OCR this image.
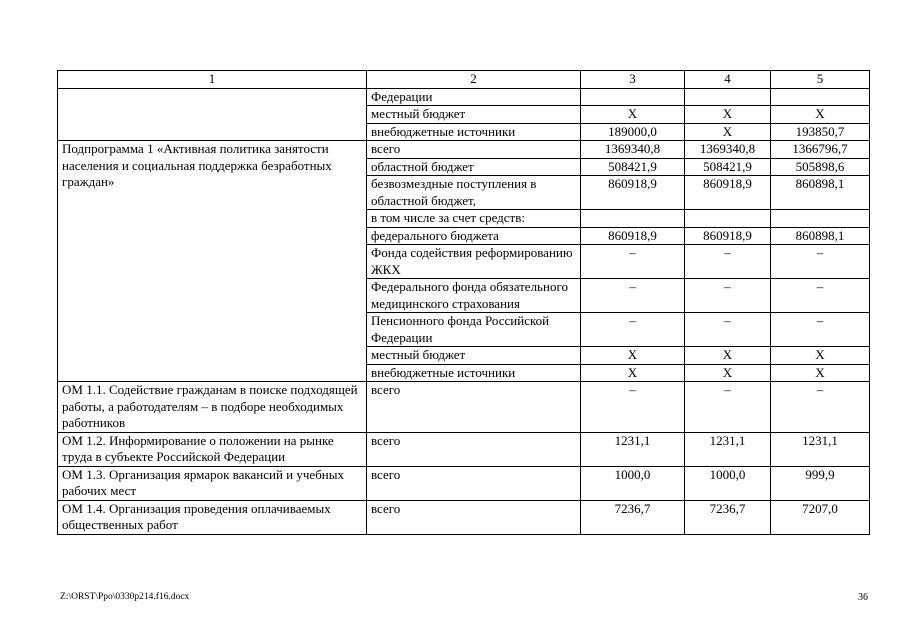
1	2	3	4	5
	Федерации			
	местный бюджет	X	X	X
	внебюджетные источники	189000,0	X	193850,7
Подпрограмма 1 «Активная политика занятости населения и социальная поддержка безработных граждан»	всего	1369340,8	1369340,8	1366796,7
	областной бюджет	508421,9	508421,9	505898,6
	безвозмездные поступления в областной бюджет,	860918,9	860918,9	860898,1
	в том числе за счет средств:			
	федерального бюджета	860918,9	860918,9	860898,1
	Фонда содействия реформированию ЖКХ	–	–	–
	Федерального фонда обязательного медицинского страхования	–	–	–
	Пенсионного фонда Российской Федерации	–	–	–
	местный бюджет	X	X	X
	внебюджетные источники	X	X	X
ОМ 1.1. Содействие гражданам в поиске подходящей работы, а работодателям – в подборе необходимых работников	всего	–	–	–
ОМ 1.2. Информирование о положении на рынке труда в субъекте Российской Федерации	всего	1231,1	1231,1	1231,1
ОМ 1.3. Организация ярмарок вакансий и учебных рабочих мест	всего	1000,0	1000,0	999,9
ОМ 1.4. Организация проведения оплачиваемых общественных работ	всего	7236,7	7236,7	7207,0
Z:\ORST\Ppo\0330p214.f16.docx	36
